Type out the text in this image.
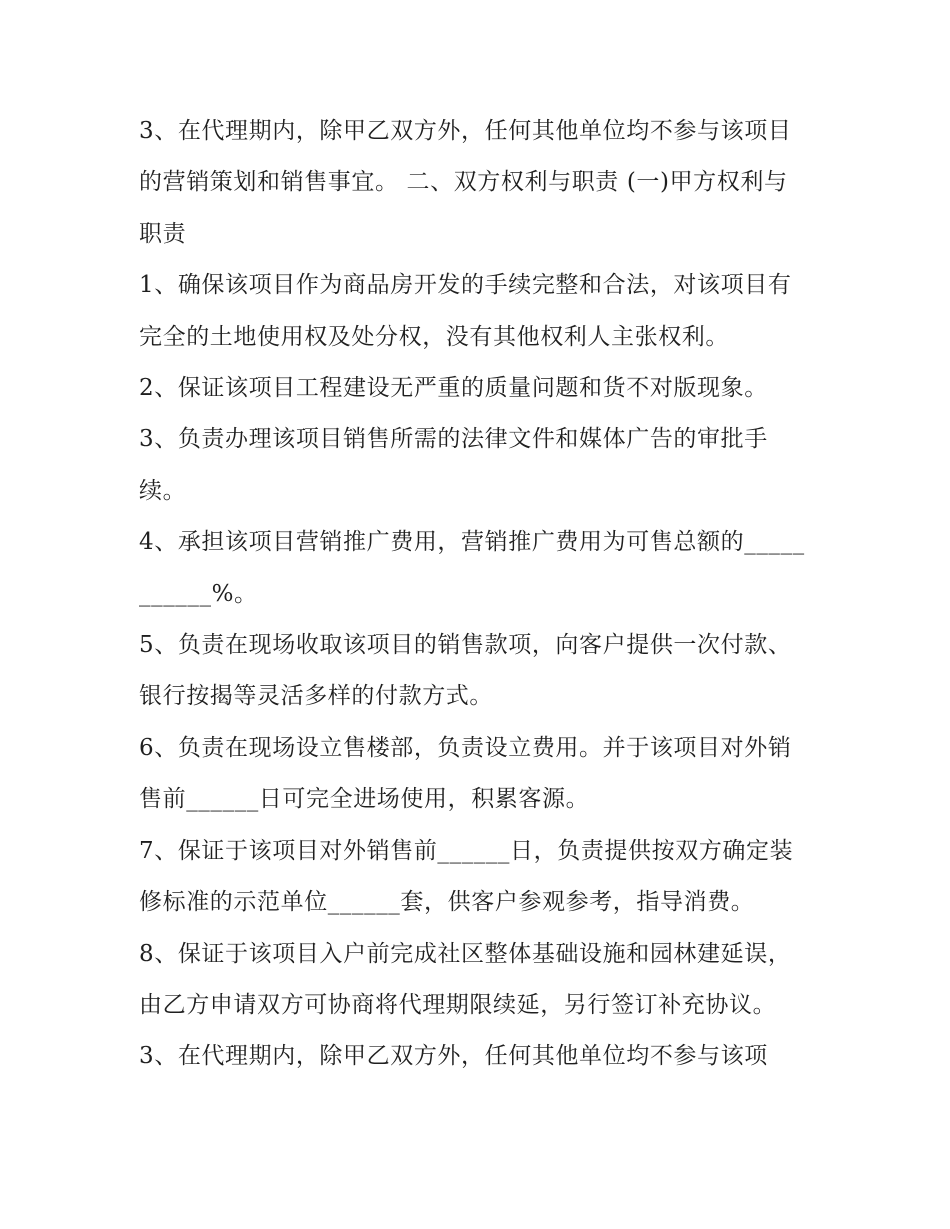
3、在代理期内，除甲乙双方外，任何其他单位均不参与该项目的营销策划和销售事宜。 二、双方权利与职责 (一)甲方权利与职责

1、确保该项目作为商品房开发的手续完整和合法，对该项目有完全的土地使用权及处分权，没有其他权利人主张权利。

2、保证该项目工程建设无严重的质量问题和货不对版现象。

3、负责办理该项目销售所需的法律文件和媒体广告的审批手续。

4、承担该项目营销推广费用，营销推广费用为可售总额的___________%。

5、负责在现场收取该项目的销售款项，向客户提供一次付款、银行按揭等灵活多样的付款方式。

6、负责在现场设立售楼部，负责设立费用。并于该项目对外销售前______日可完全进场使用，积累客源。

7、保证于该项目对外销售前______日，负责提供按双方确定装修标准的示范单位______套，供客户参观参考，指导消费。

8、保证于该项目入户前完成社区整体基础设施和园林建延误，由乙方申请双方可协商将代理期限续延，另行签订补充协议。

3、在代理期内，除甲乙双方外，任何其他单位均不参与该项
